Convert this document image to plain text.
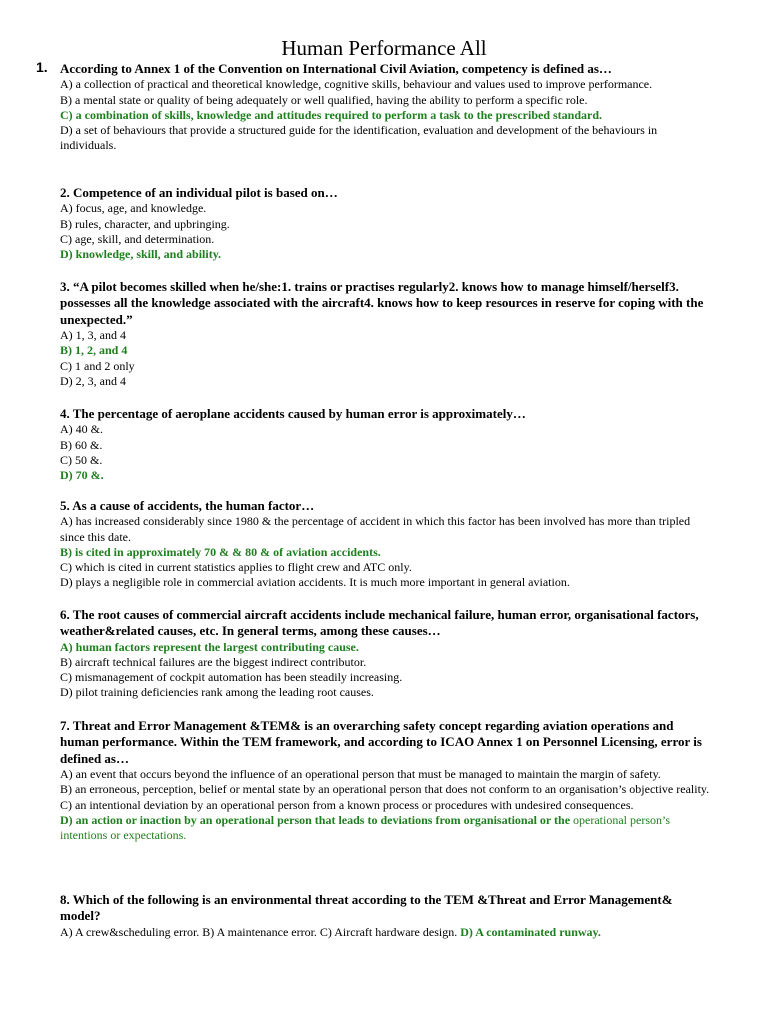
Human Performance All
1. According to Annex 1 of the Convention on International Civil Aviation, competency is defined as…
A) a collection of practical and theoretical knowledge, cognitive skills, behaviour and values used to improve performance.
B) a mental state or quality of being adequately or well qualified, having the ability to perform a specific role.
C) a combination of skills, knowledge and attitudes required to perform a task to the prescribed standard.
D) a set of behaviours that provide a structured guide for the identification, evaluation and development of the behaviours in individuals.
2. Competence of an individual pilot is based on…
A) focus, age, and knowledge.
B) rules, character, and upbringing.
C) age, skill, and determination.
D) knowledge, skill, and ability.
3. “A pilot becomes skilled when he/she:1. trains or practises regularly2. knows how to manage himself/herself3. possesses all the knowledge associated with the aircraft4. knows how to keep resources in reserve for coping with the unexpected.”
A) 1, 3, and 4
B) 1, 2, and 4
C) 1 and 2 only
D) 2, 3, and 4
4. The percentage of aeroplane accidents caused by human error is approximately…
A) 40 &.
B) 60 &.
C) 50 &.
D) 70 &.
5. As a cause of accidents, the human factor…
A) has increased considerably since 1980 & the percentage of accident in which this factor has been involved has more than tripled since this date.
B) is cited in approximately 70 & & 80 & of aviation accidents.
C) which is cited in current statistics applies to flight crew and ATC only.
D) plays a negligible role in commercial aviation accidents. It is much more important in general aviation.
6. The root causes of commercial aircraft accidents include mechanical failure, human error, organisational factors, weather&related causes, etc. In general terms, among these causes…
A) human factors represent the largest contributing cause.
B) aircraft technical failures are the biggest indirect contributor.
C) mismanagement of cockpit automation has been steadily increasing.
D) pilot training deficiencies rank among the leading root causes.
7. Threat and Error Management &TEM& is an overarching safety concept regarding aviation operations and human performance. Within the TEM framework, and according to ICAO Annex 1 on Personnel Licensing, error is defined as…
A) an event that occurs beyond the influence of an operational person that must be managed to maintain the margin of safety.
B) an erroneous, perception, belief or mental state by an operational person that does not conform to an organisation’s objective reality.
C) an intentional deviation by an operational person from a known process or procedures with undesired consequences.
D) an action or inaction by an operational person that leads to deviations from organisational or the operational person’s intentions or expectations.
8. Which of the following is an environmental threat according to the TEM &Threat and Error Management& model?
A) A crew&scheduling error. B) A maintenance error. C) Aircraft hardware design. D) A contaminated runway.
